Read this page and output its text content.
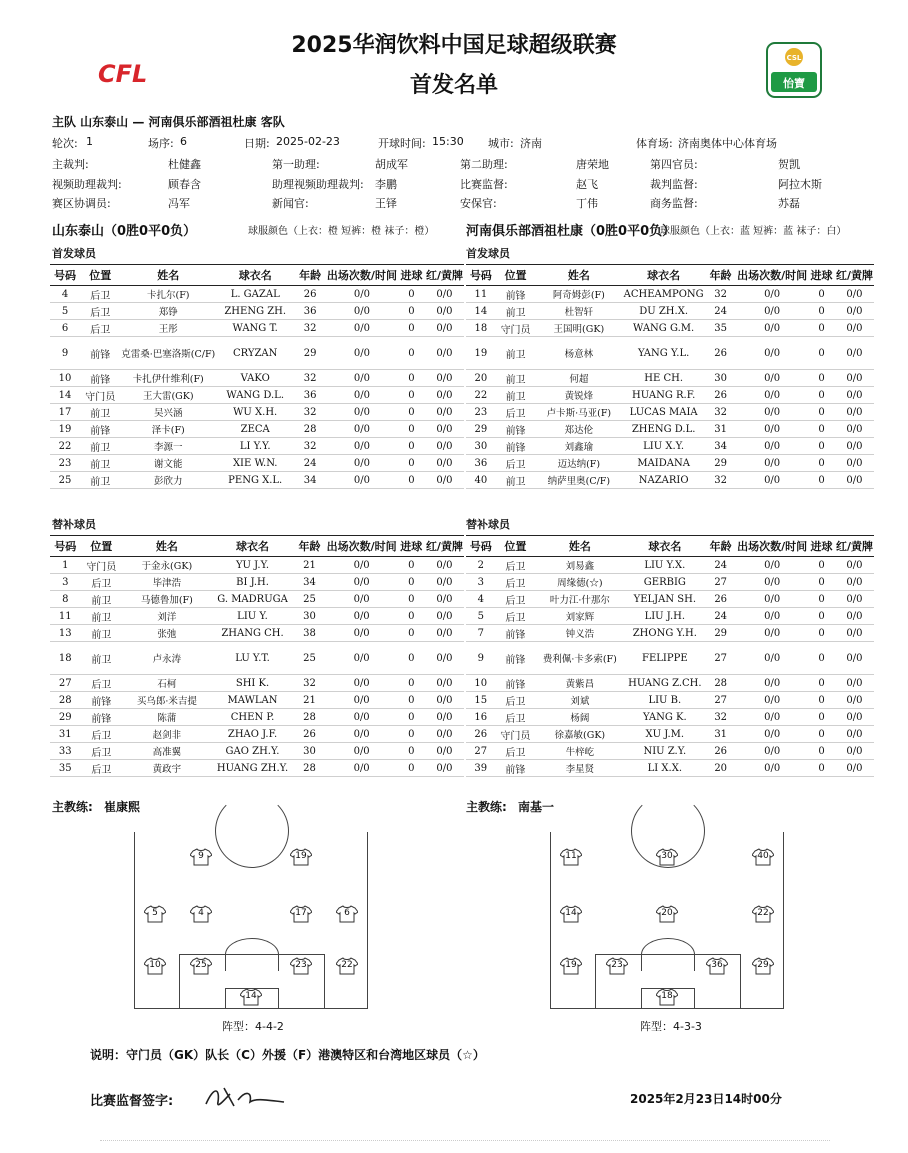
2025华润饮料中国足球超级联赛
首发名单
CFL
CSL
怡寶
主队 山东泰山 — 河南俱乐部酒祖杜康 客队
轮次: 1	场序: 6	日期: 2025-02-23	开球时间: 15:30 城市: 济南	体育场: 济南奥体中心体育场
主裁判:	杜健鑫	第一助理:	胡成军	第二助理:	唐荣地	第四官员:	贺凯
视频助理裁判:	顾春含	助理视频助理裁判: 李鹏	比赛监督:	赵飞	裁判监督:	阿拉木斯
赛区协调员:	冯军	新闻官:	王铎	安保官:	丁伟	商务监督:	苏磊
山东泰山（0胜0平0负）	球服颜色（上衣：橙 短裤：橙 袜子：橙） 河南俱乐部酒祖杜康（0胜0平0负）
球服颜色（上衣：蓝 短裤：蓝 袜子：白）
首发球员	首发球员
号码	位置	姓名	球衣名	年龄	出场次数/时间	进球	红/黄牌
4	后卫	卡扎尔(F)	L. GAZAL	26	0/0	0	0/0
5	后卫	郑铮	ZHENG ZH.	36	0/0	0	0/0
6	后卫	王彤	WANG T.	32	0/0	0	0/0
9	前锋	克雷桑·巴塞洛斯(C/F)	CRYZAN	29	0/0	0	0/0
10	前锋	卡扎伊什维利(F)	VAKO	32	0/0	0	0/0
14	守门员	王大雷(GK)	WANG D.L.	36	0/0	0	0/0
17	前卫	吴兴涵	WU X.H.	32	0/0	0	0/0
19	前锋	泽卡(F)	ZECA	28	0/0	0	0/0
22	前卫	李源一	LI Y.Y.	32	0/0	0	0/0
23	前卫	谢文能	XIE W.N.	24	0/0	0	0/0
25	前卫	彭欣力	PENG X.L.	34	0/0	0	0/0
号码	位置	姓名	球衣名	年龄	出场次数/时间	进球	红/黄牌
11	前锋	阿奇姆彭(F)	ACHEAMPONG	32	0/0	0	0/0
14	前卫	杜智轩	DU ZH.X.	24	0/0	0	0/0
18	守门员	王国明(GK)	WANG G.M.	35	0/0	0	0/0
19	前卫	杨意林	YANG Y.L.	26	0/0	0	0/0
20	前卫	何超	HE CH.	30	0/0	0	0/0
22	前卫	黄锐烽	HUANG R.F.	26	0/0	0	0/0
23	后卫	卢卡斯·马亚(F)	LUCAS MAIA	32	0/0	0	0/0
29	前锋	郑达伦	ZHENG D.L.	31	0/0	0	0/0
30	前锋	刘鑫瑜	LIU X.Y.	34	0/0	0	0/0
36	后卫	迈达纳(F)	MAIDANA	29	0/0	0	0/0
40	前卫	纳萨里奥(C/F)	NAZARIO	32	0/0	0	0/0
替补球员	替补球员
号码	位置	姓名	球衣名	年龄	出场次数/时间	进球	红/黄牌
1	守门员	于金永(GK)	YU J.Y.	21	0/0	0	0/0
3	后卫	毕津浩	BI J.H.	34	0/0	0	0/0
8	前卫	马德鲁加(F)	G. MADRUGA	25	0/0	0	0/0
11	前卫	刘洋	LIU Y.	30	0/0	0	0/0
13	前卫	张弛	ZHANG CH.	38	0/0	0	0/0
18	前卫	卢永涛	LU Y.T.	25	0/0	0	0/0
27	后卫	石柯	SHI K.	32	0/0	0	0/0
28	前锋	买乌郎·米吉提	MAWLAN	21	0/0	0	0/0
29	前锋	陈蒲	CHEN P.	28	0/0	0	0/0
31	后卫	赵剑非	ZHAO J.F.	26	0/0	0	0/0
33	后卫	高准翼	GAO ZH.Y.	30	0/0	0	0/0
35	后卫	黄政宇	HUANG ZH.Y.	28	0/0	0	0/0
号码	位置	姓名	球衣名	年龄	出场次数/时间	进球	红/黄牌
2	后卫	刘易鑫	LIU Y.X.	24	0/0	0	0/0
3	后卫	周缘德(☆)	GERBIG	27	0/0	0	0/0
4	后卫	叶力江·什那尔	YELJAN SH.	26	0/0	0	0/0
5	后卫	刘家辉	LIU J.H.	24	0/0	0	0/0
7	前锋	钟义浩	ZHONG Y.H.	29	0/0	0	0/0
9	前锋	费利佩·卡多索(F)	FELIPPE	27	0/0	0	0/0
10	前锋	黄紫昌	HUANG Z.CH.	28	0/0	0	0/0
15	后卫	刘斌	LIU B.	27	0/0	0	0/0
16	后卫	杨阔	YANG K.	32	0/0	0	0/0
26	守门员	徐嘉敏(GK)	XU J.M.	31	0/0	0	0/0
27	后卫	牛梓屹	NIU Z.Y.	26	0/0	0	0/0
39	前锋	李星贤	LI X.X.	20	0/0	0	0/0
主教练: 崔康熙	主教练: 南基一
9	19
5	4	17	6
10	25	23	22
14
11	30	40
14	20	22
19	23	36	29
18
阵型：4-4-2	阵型：4-3-3
说明：守门员（GK）队长（C）外援（F）港澳特区和台湾地区球员（☆）
比赛监督签字:	2025年2月23日14时00分
